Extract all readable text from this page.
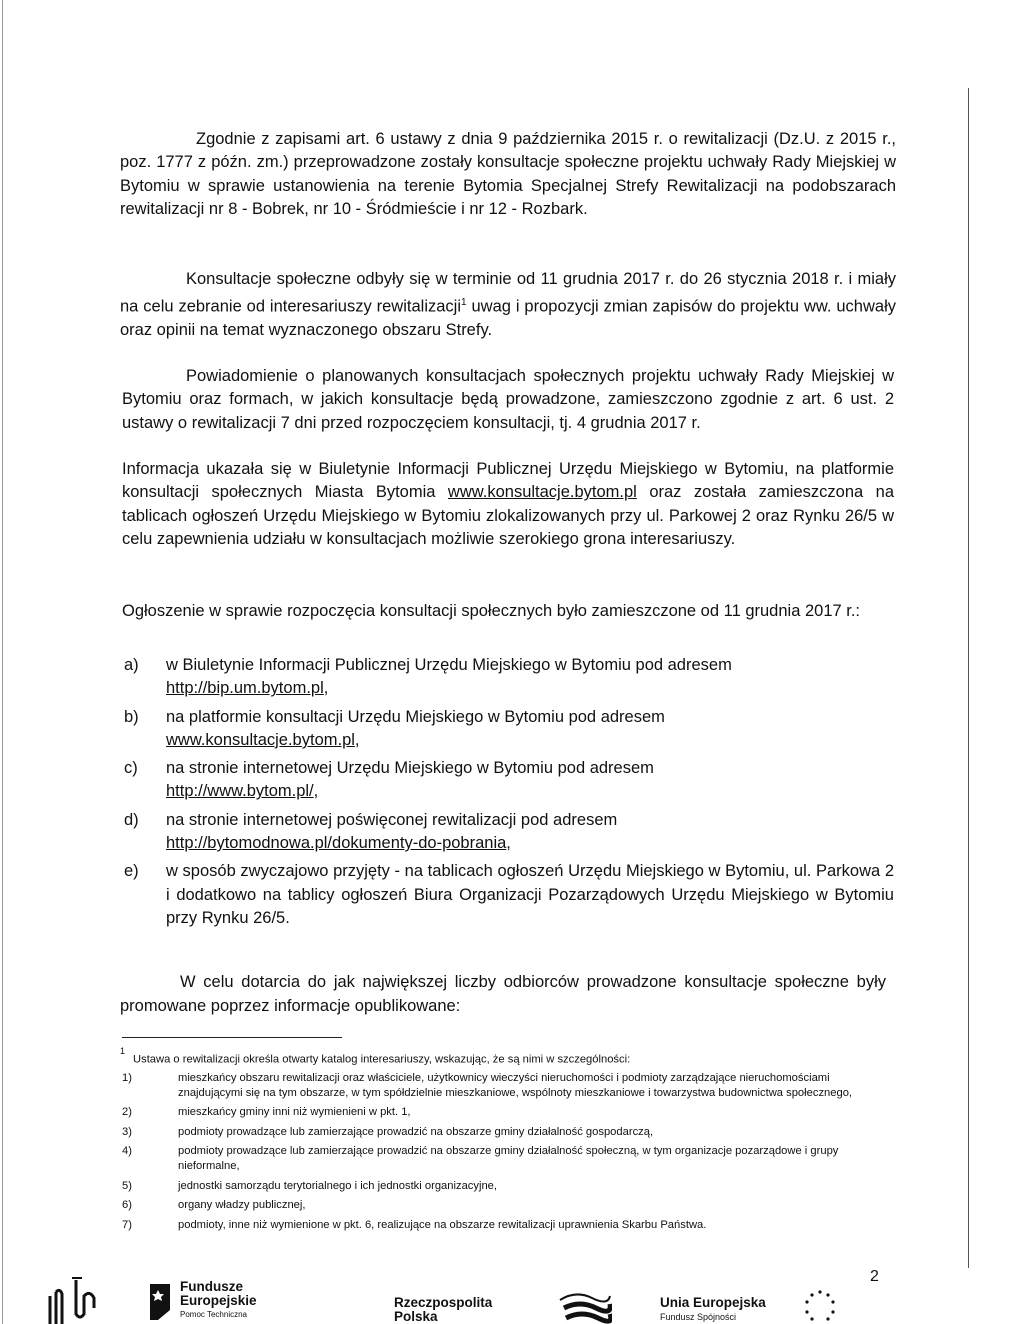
Zgodnie z zapisami art. 6 ustawy z dnia 9 października 2015 r. o rewitalizacji (Dz.U. z 2015 r., poz. 1777 z późn. zm.) przeprowadzone zostały konsultacje społeczne projektu uchwały Rady Miejskiej w Bytomiu w sprawie ustanowienia na terenie Bytomia Specjalnej Strefy Rewitalizacji na podobszarach rewitalizacji nr 8 - Bobrek, nr 10 - Śródmieście i nr 12 - Rozbark.

Konsultacje społeczne odbyły się w terminie od 11 grudnia 2017 r. do 26 stycznia 2018 r. i miały na celu zebranie od interesariuszy rewitalizacji$^1$ uwag i propozycji zmian zapisów do projektu ww. uchwały oraz opinii na temat wyznaczonego obszaru Strefy.

Powiadomienie o planowanych konsultacjach społecznych projektu uchwały Rady Miejskiej w Bytomiu oraz formach, w jakich konsultacje będą prowadzone, zamieszczono zgodnie z art. 6 ust. 2 ustawy o rewitalizacji 7 dni przed rozpoczęciem konsultacji, tj. 4 grudnia 2017 r.

Informacja ukazała się w Biuletynie Informacji Publicznej Urzędu Miejskiego w Bytomiu, na platformie konsultacji społecznych Miasta Bytomia www.konsultacje.bytom.pl oraz została zamieszczona na tablicach ogłoszeń Urzędu Miejskiego w Bytomiu zlokalizowanych przy ul. Parkowej 2 oraz Rynku 26/5 w celu zapewnienia udziału w konsultacjach możliwie szerokiego grona interesariuszy.

Ogłoszenie w sprawie rozpoczęcia konsultacji społecznych było zamieszczone od 11 grudnia 2017 r.:

a) w Biuletynie Informacji Publicznej Urzędu Miejskiego w Bytomiu pod adresem
http://bip.um.bytom.pl,
b) na platformie konsultacji Urzędu Miejskiego w Bytomiu pod adresem
www.konsultacje.bytom.pl,
c) na stronie internetowej Urzędu Miejskiego w Bytomiu pod adresem
http://www.bytom.pl/,
d) na stronie internetowej poświęconej rewitalizacji pod adresem
http://bytomodnowa.pl/dokumenty-do-pobrania,
e) w sposób zwyczajowo przyjęty - na tablicach ogłoszeń Urzędu Miejskiego w Bytomiu, ul. Parkowa 2 i dodatkowo na tablicy ogłoszeń Biura Organizacji Pozarządowych Urzędu Miejskiego w Bytomiu przy Rynku 26/5.

W celu dotarcia do jak największej liczby odbiorców prowadzone konsultacje społeczne były promowane poprzez informacje opublikowane:

$^1$Ustawa o rewitalizacji określa otwarty katalog interesariuszy, wskazując, że są nimi w szczególności:

1)	mieszkańcy obszaru rewitalizacji oraz właściciele, użytkownicy wieczyści nieruchomości i podmioty zarządzające nieruchomościami znajdującymi się na tym obszarze, w tym spółdzielnie mieszkaniowe, wspólnoty mieszkaniowe i towarzystwa budownictwa społecznego,
2)	mieszkańcy gminy inni niż wymienieni w pkt. 1,
3)	podmioty prowadzące lub zamierzające prowadzić na obszarze gminy działalność gospodarczą,
4)	podmioty prowadzące lub zamierzające prowadzić na obszarze gminy działalność społeczną, w tym organizacje pozarządowe i grupy nieformalne,
5)	jednostki samorządu terytorialnego i ich jednostki organizacyjne,
6)	organy władzy publicznej,
7)	podmioty, inne niż wymienione w pkt. 6, realizujące na obszarze rewitalizacji uprawnienia Skarbu Państwa.
2
Fundusze
Europejskie
Pomoc Techniczna
Rzeczpospolita
Polska
Unia Europejska
Fundusz Spójności
